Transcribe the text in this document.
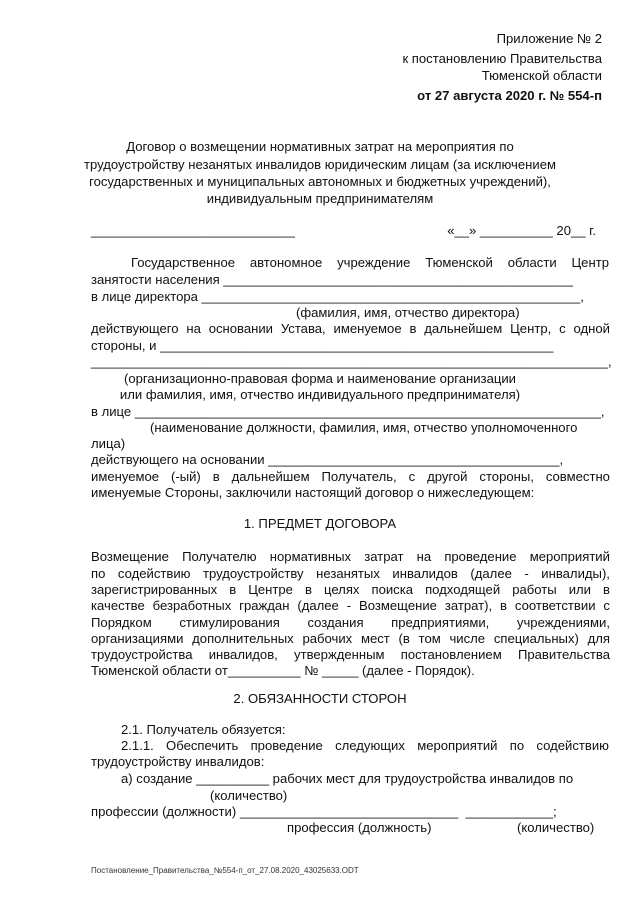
Приложение № 2
к постановлению Правительства
Тюменской области
от 27 августа 2020 г. № 554-п
Договор о возмещении нормативных затрат на мероприятия по
трудоустройству незанятых инвалидов юридическим лицам (за исключением
государственных и муниципальных автономных и бюджетных учреждений),
индивидуальным предпринимателям
____________________________	«__» __________ 20__ г.
Государственное автономное учреждение Тюменской области Центр
занятости населения ________________________________________________
в лице директора ____________________________________________________,
(фамилия, имя, отчество директора)
действующего на основании Устава, именуемое в дальнейшем Центр, с одной
стороны, и ______________________________________________________
_______________________________________________________________________,
(организационно-правовая форма и наименование организации
или фамилия, имя, отчество индивидуального предпринимателя)
в лице ________________________________________________________________,
(наименование должности, фамилия, имя, отчество уполномоченного
лица)
действующего на основании ________________________________________,
именуемое (-ый) в дальнейшем Получатель, с другой стороны, совместно
именуемые Стороны, заключили настоящий договор о нижеследующем:
1. ПРЕДМЕТ ДОГОВОРА
Возмещение Получателю нормативных затрат на проведение мероприятий
по содействию трудоустройству незанятых инвалидов (далее - инвалиды),
зарегистрированных в Центре в целях поиска подходящей работы или в
качестве безработных граждан (далее - Возмещение затрат), в соответствии с
Порядком стимулирования создания предприятиями, учреждениями,
организациями дополнительных рабочих мест (в том числе специальных) для
трудоустройства инвалидов, утвержденным постановлением Правительства
Тюменской области от__________ № _____ (далее - Порядок).
2. ОБЯЗАННОСТИ СТОРОН
2.1. Получатель обязуется:
2.1.1. Обеспечить проведение следующих мероприятий по содействию
трудоустройству инвалидов:
а) создание __________ рабочих мест для трудоустройства инвалидов по
(количество)
профессии (должности) ______________________________  ____________;
профессия (должность)	(количество)
Постановление_Правительства_№554-п_от_27.08.2020_43025633.ODT
